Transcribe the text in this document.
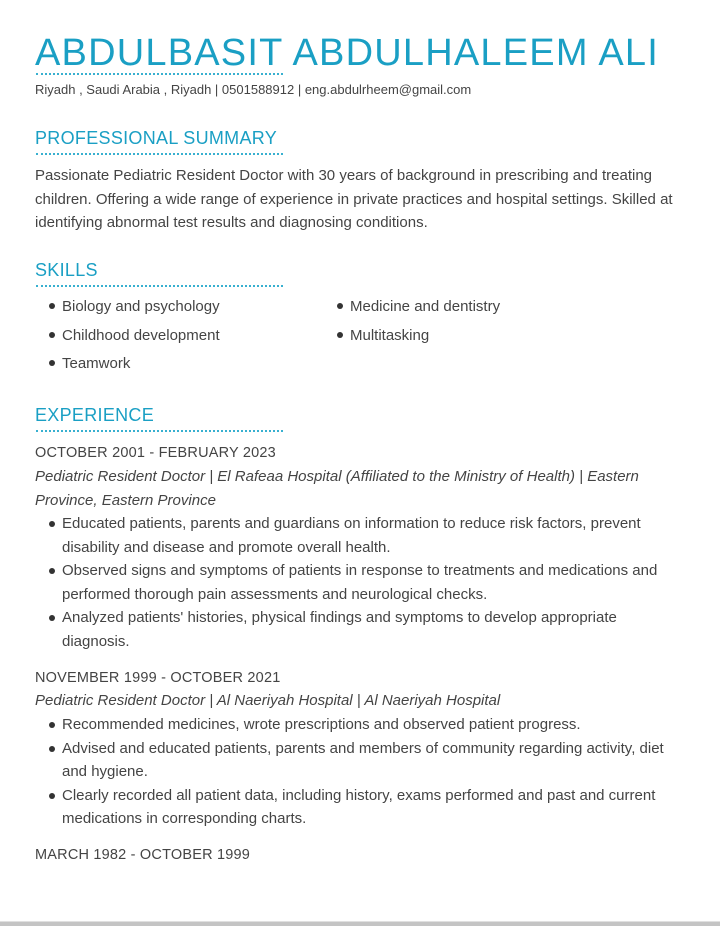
ABDULBASIT ABDULHALEEM ALI
Riyadh , Saudi Arabia , Riyadh | 0501588912 | eng.abdulrheem@gmail.com
PROFESSIONAL SUMMARY

Passionate Pediatric Resident Doctor with 30 years of background in prescribing and treating children. Offering a wide range of experience in private practices and hospital settings. Skilled at identifying abnormal test results and diagnosing conditions.

SKILLS
Biology and psychology	Medicine and dentistry
Childhood development	Multitasking
Teamwork
EXPERIENCE
OCTOBER 2001 - FEBRUARY 2023

Pediatric Resident Doctor | El Rafeaa Hospital (Affiliated to the Ministry of Health) | Eastern Province, Eastern Province

Educated patients, parents and guardians on information to reduce risk factors, prevent disability and disease and promote overall health.
Observed signs and symptoms of patients in response to treatments and medications and performed thorough pain assessments and neurological checks.
Analyzed patients' histories, physical findings and symptoms to develop appropriate diagnosis.
NOVEMBER 1999 - OCTOBER 2021

Pediatric Resident Doctor | Al Naeriyah Hospital | Al Naeriyah Hospital

Recommended medicines, wrote prescriptions and observed patient progress.
Advised and educated patients, parents and members of community regarding activity, diet and hygiene.
Clearly recorded all patient data, including history, exams performed and past and current medications in corresponding charts.
MARCH 1982 - OCTOBER 1999
